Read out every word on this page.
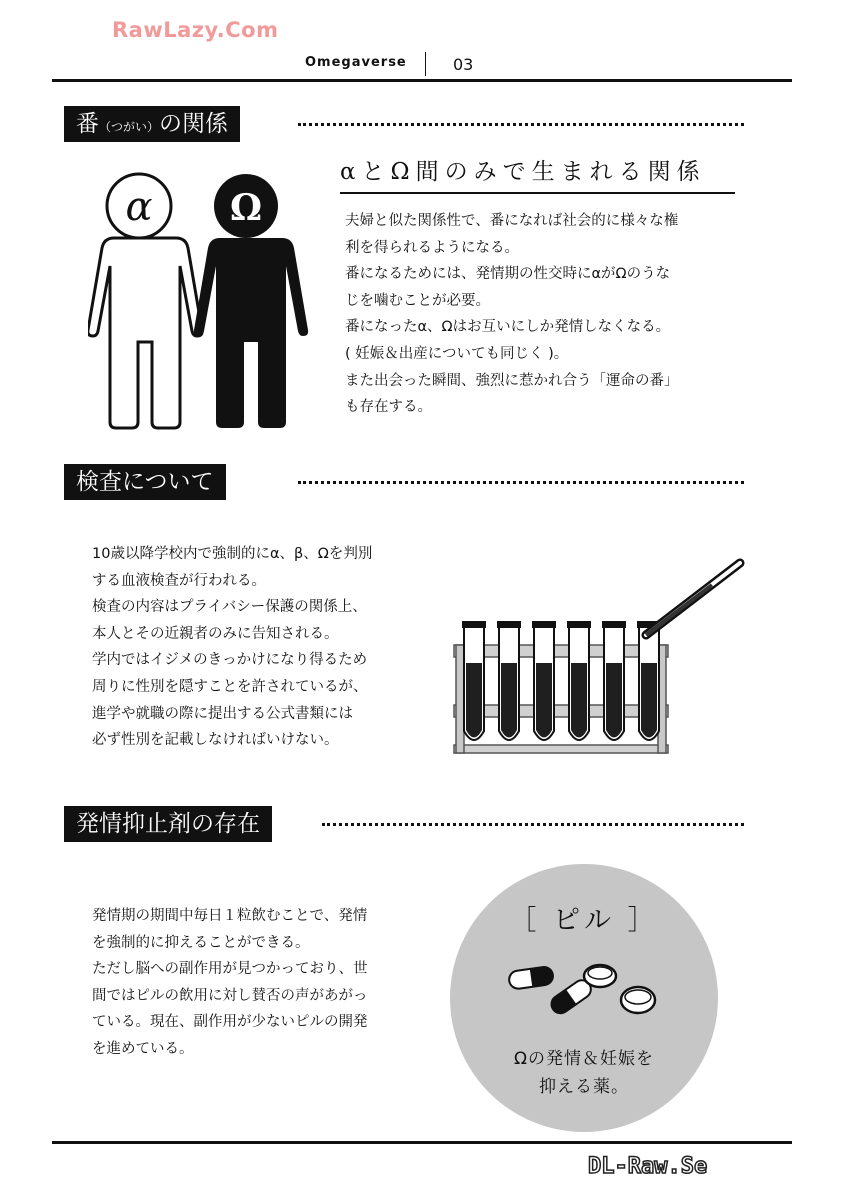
RawLazy.Com
Omegaverse	03
番（つがい）の関係
α Ω
αとΩ間のみで生まれる関係
夫婦と似た関係性で、番になれば社会的に様々な権
利を得られるようになる。
番になるためには、発情期の性交時にαがΩのうな
じを噛むことが必要。
番になったα、Ωはお互いにしか発情しなくなる。
( 妊娠＆出産についても同じく )。
また出会った瞬間、強烈に惹かれ合う「運命の番」
も存在する。
検査について
10歳以降学校内で強制的にα、β、Ωを判別
する血液検査が行われる。
検査の内容はプライバシー保護の関係上、
本人とその近親者のみに告知される。
学内ではイジメのきっかけになり得るため
周りに性別を隠すことを許されているが、
進学や就職の際に提出する公式書類には
必ず性別を記載しなければいけない。
発情抑止剤の存在
発情期の期間中毎日１粒飲むことで、発情
を強制的に抑えることができる。
ただし脳への副作用が見つかっており、世
間ではピルの飲用に対し賛否の声があがっ
ている。現在、副作用が少ないピルの開発
を進めている。
［ ピル ］
Ωの発情＆妊娠を
抑える薬。
DL-Raw.Se
